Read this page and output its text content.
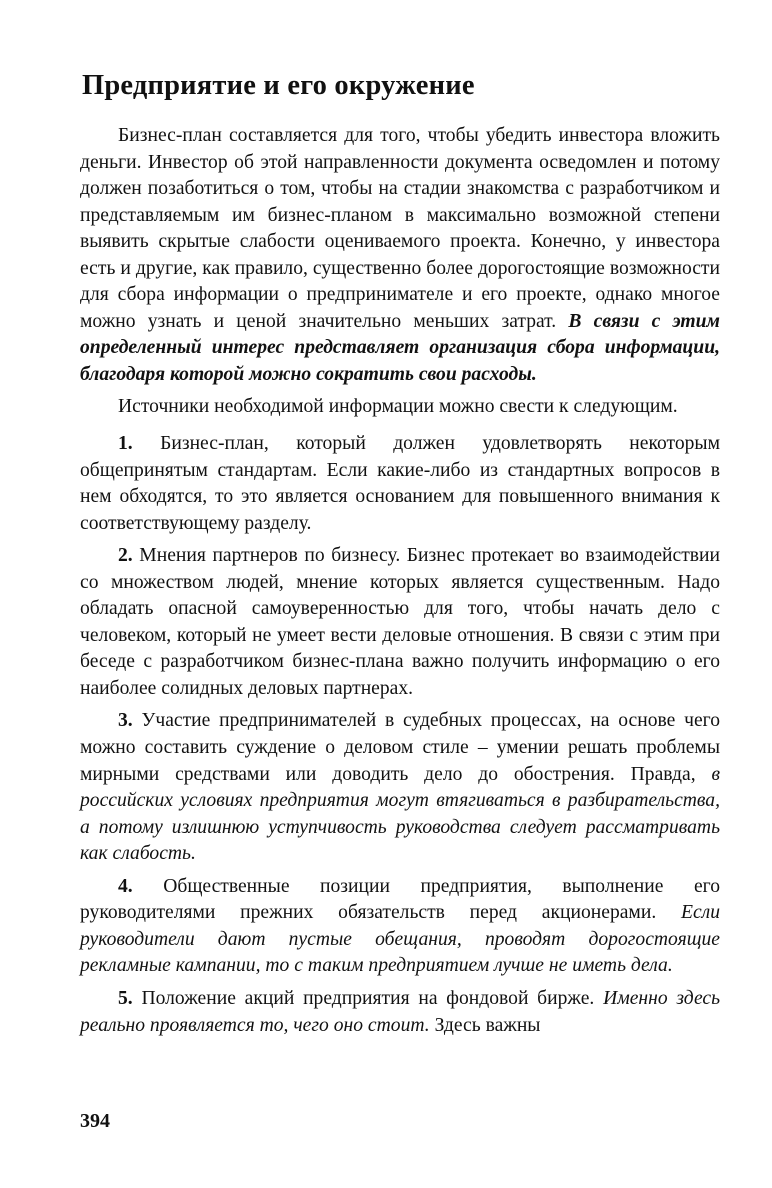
Предприятие и его окружение

Бизнес-план составляется для того, чтобы убедить инвестора вложить деньги. Инвестор об этой направленности документа осведомлен и потому должен позаботиться о том, чтобы на стадии знакомства с разработчиком и представляемым им бизнес-планом в максимально возможной степени выявить скрытые слабости оцениваемого проекта. Конечно, у инвестора есть и другие, как правило, существенно более дорогостоящие возможности для сбора информации о предпринимателе и его проекте, однако многое можно узнать и ценой значительно меньших затрат. В связи с этим определенный интерес представляет организация сбора информации, благодаря которой можно сократить свои расходы.

Источники необходимой информации можно свести к следующим.

1. Бизнес-план, который должен удовлетворять некоторым общепринятым стандартам. Если какие-либо из стандартных вопросов в нем обходятся, то это является основанием для повышенного внимания к соответствующему разделу.

2. Мнения партнеров по бизнесу. Бизнес протекает во взаимодействии со множеством людей, мнение которых является существенным. Надо обладать опасной самоуверенностью для того, чтобы начать дело с человеком, который не умеет вести деловые отношения. В связи с этим при беседе с разработчиком бизнес-плана важно получить информацию о его наиболее солидных деловых партнерах.

3. Участие предпринимателей в судебных процессах, на основе чего можно составить суждение о деловом стиле – умении решать проблемы мирными средствами или доводить дело до обострения. Правда, в российских условиях предприятия могут втягиваться в разбирательства, а потому излишнюю уступчивость руководства следует рассматривать как слабость.

4. Общественные позиции предприятия, выполнение его руководителями прежних обязательств перед акционерами. Если руководители дают пустые обещания, проводят дорогостоящие рекламные кампании, то с таким предприятием лучше не иметь дела.

5. Положение акций предприятия на фондовой бирже. Именно здесь реально проявляется то, чего оно стоит. Здесь важны

394
